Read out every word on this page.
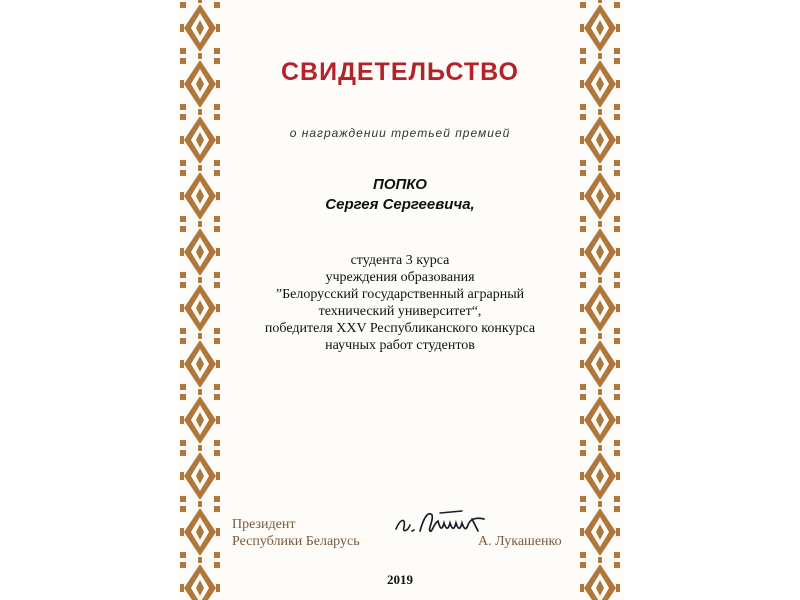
СВИДЕТЕЛЬСТВО
о награждении третьей премией
ПОПКО
Сергея Сергеевича,
студента 3 курса
учреждения образования
”Белорусский государственный аграрный
технический университет“,
победителя XXV Республиканского конкурса
научных работ студентов
Президент
Республики Беларусь	А. Лукашенко
2019
